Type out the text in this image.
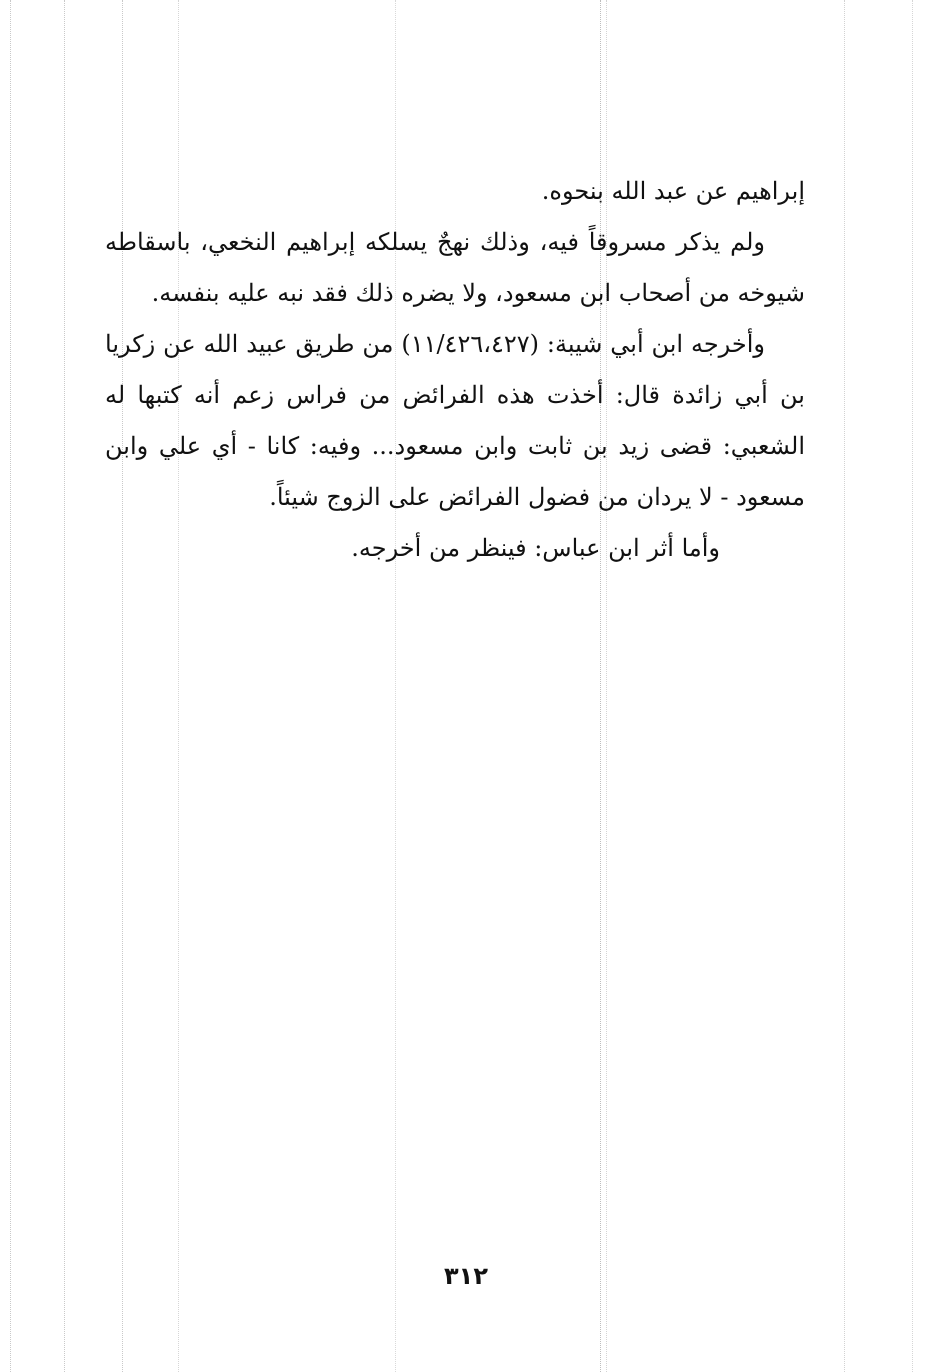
إبراهيم عن عبد الله بنحوه.

ولم يذكر مسروقاً فيه، وذلك نهجٌ يسلكه إبراهيم النخعي، باسقاطه شيوخه من أصحاب ابن مسعود، ولا يضره ذلك فقد نبه عليه بنفسه.

وأخرجه ابن أبي شيبة: (١١/٤٢٦،٤٢٧) من طريق عبيد الله عن زكريا بن أبي زائدة قال: أخذت هذه الفرائض من فراس زعم أنه كتبها له الشعبي: قضى زيد بن ثابت وابن مسعود... وفيه: كانا - أي علي وابن مسعود - لا يردان من فضول الفرائض على الزوج شيئاً.

وأما أثر ابن عباس: فينظر من أخرجه.

٣١٢
